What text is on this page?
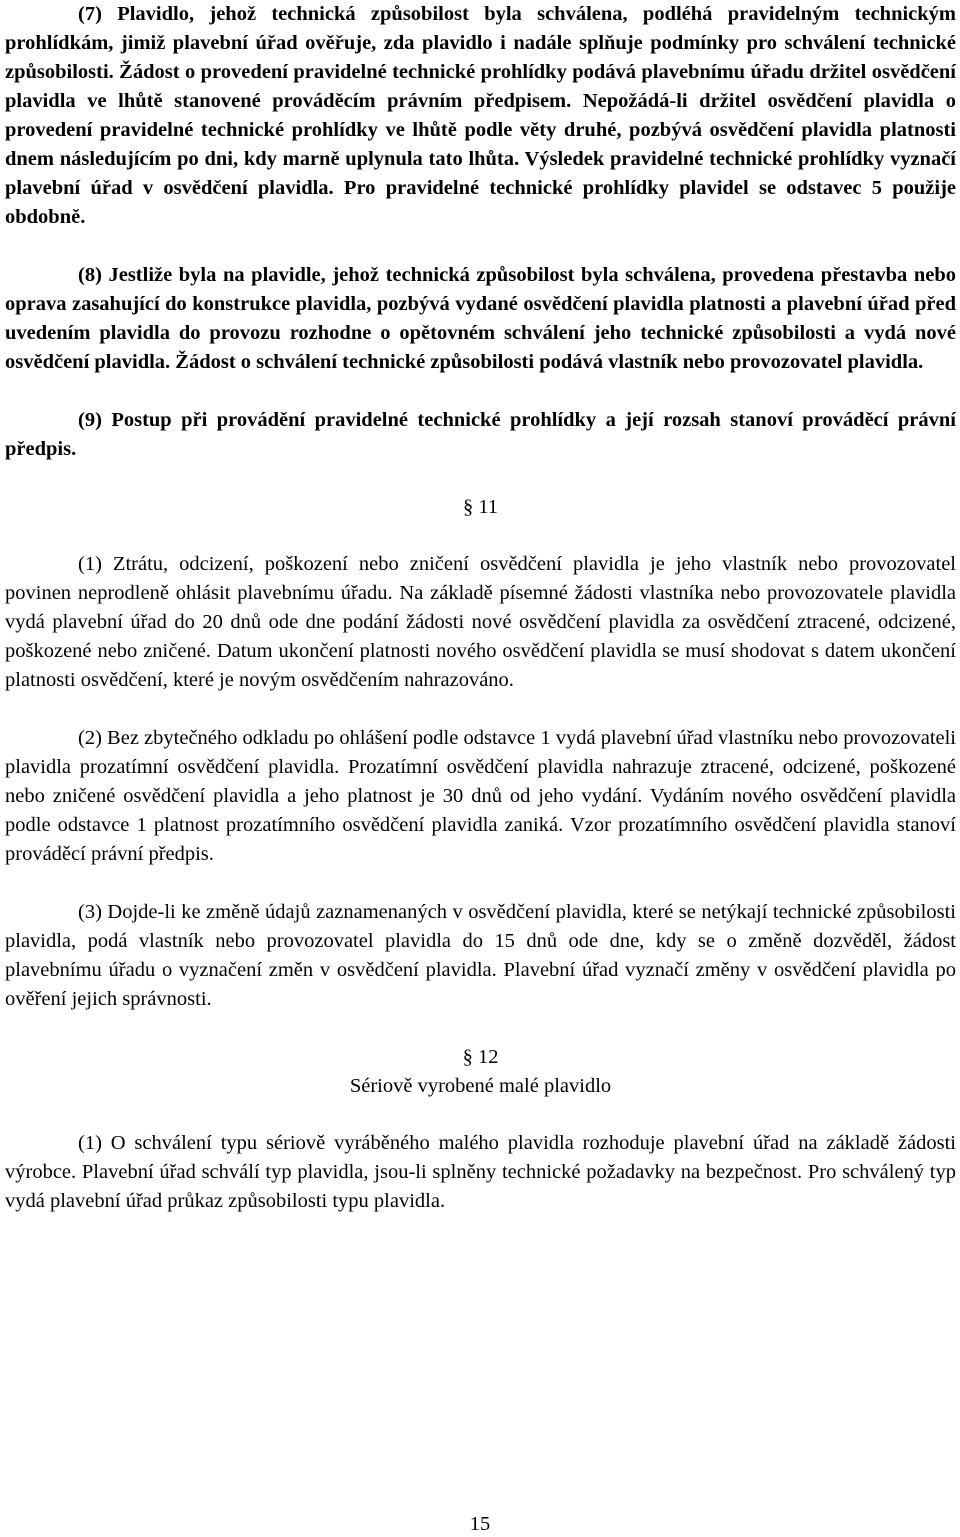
(7) Plavidlo, jehož technická způsobilost byla schválena, podléhá pravidelným technickým prohlídkám, jimiž plavební úřad ověřuje, zda plavidlo i nadále splňuje podmínky pro schválení technické způsobilosti. Žádost o provedení pravidelné technické prohlídky podává plavebnímu úřadu držitel osvědčení plavidla ve lhůtě stanovené prováděcím právním předpisem. Nepožádá-li držitel osvědčení plavidla o provedení pravidelné technické prohlídky ve lhůtě podle věty druhé, pozbývá osvědčení plavidla platnosti dnem následujícím po dni, kdy marně uplynula tato lhůta. Výsledek pravidelné technické prohlídky vyznačí plavební úřad v osvědčení plavidla. Pro pravidelné technické prohlídky plavidel se odstavec 5 použije obdobně.

(8) Jestliže byla na plavidle, jehož technická způsobilost byla schválena, provedena přestavba nebo oprava zasahující do konstrukce plavidla, pozbývá vydané osvědčení plavidla platnosti a plavební úřad před uvedením plavidla do provozu rozhodne o opětovném schválení jeho technické způsobilosti a vydá nové osvědčení plavidla. Žádost o schválení technické způsobilosti podává vlastník nebo provozovatel plavidla.

(9) Postup při provádění pravidelné technické prohlídky a její rozsah stanoví prováděcí právní předpis.

§ 11

(1) Ztrátu, odcizení, poškození nebo zničení osvědčení plavidla je jeho vlastník nebo provozovatel povinen neprodleně ohlásit plavebnímu úřadu. Na základě písemné žádosti vlastníka nebo provozovatele plavidla vydá plavební úřad do 20 dnů ode dne podání žádosti nové osvědčení plavidla za osvědčení ztracené, odcizené, poškozené nebo zničené. Datum ukončení platnosti nového osvědčení plavidla se musí shodovat s datem ukončení platnosti osvědčení, které je novým osvědčením nahrazováno.

(2) Bez zbytečného odkladu po ohlášení podle odstavce 1 vydá plavební úřad vlastníku nebo provozovateli plavidla prozatímní osvědčení plavidla. Prozatímní osvědčení plavidla nahrazuje ztracené, odcizené, poškozené nebo zničené osvědčení plavidla a jeho platnost je 30 dnů od jeho vydání. Vydáním nového osvědčení plavidla podle odstavce 1 platnost prozatímního osvědčení plavidla zaniká. Vzor prozatímního osvědčení plavidla stanoví prováděcí právní předpis.

(3) Dojde-li ke změně údajů zaznamenaných v osvědčení plavidla, které se netýkají technické způsobilosti plavidla, podá vlastník nebo provozovatel plavidla do 15 dnů ode dne, kdy se o změně dozvěděl, žádost plavebnímu úřadu o vyznačení změn v osvědčení plavidla. Plavební úřad vyznačí změny v osvědčení plavidla po ověření jejich správnosti.

§ 12
Sériově vyrobené malé plavidlo

(1) O schválení typu sériově vyráběného malého plavidla rozhoduje plavební úřad na základě žádosti výrobce. Plavební úřad schválí typ plavidla, jsou-li splněny technické požadavky na bezpečnost. Pro schválený typ vydá plavební úřad průkaz způsobilosti typu plavidla.

15
